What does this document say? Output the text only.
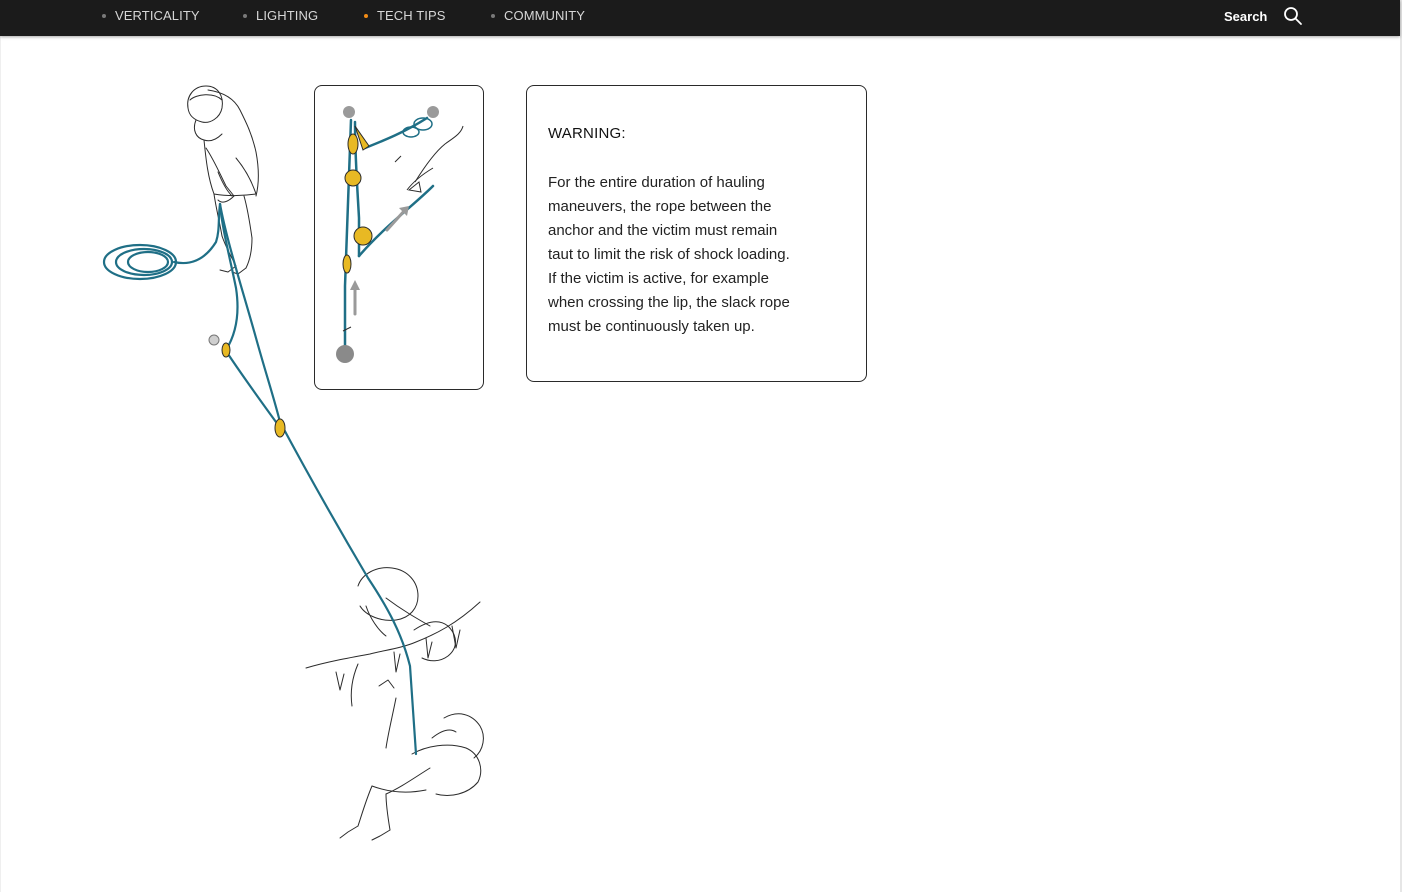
VERTICALITY	LIGHTING	TECH TIPS	COMMUNITY	Search
WARNING:
For the entire duration of hauling maneuvers, the rope between the anchor and the victim must remain taut to limit the risk of shock loading. If the victim is active, for example when crossing the lip, the slack rope must be continuously taken up.
